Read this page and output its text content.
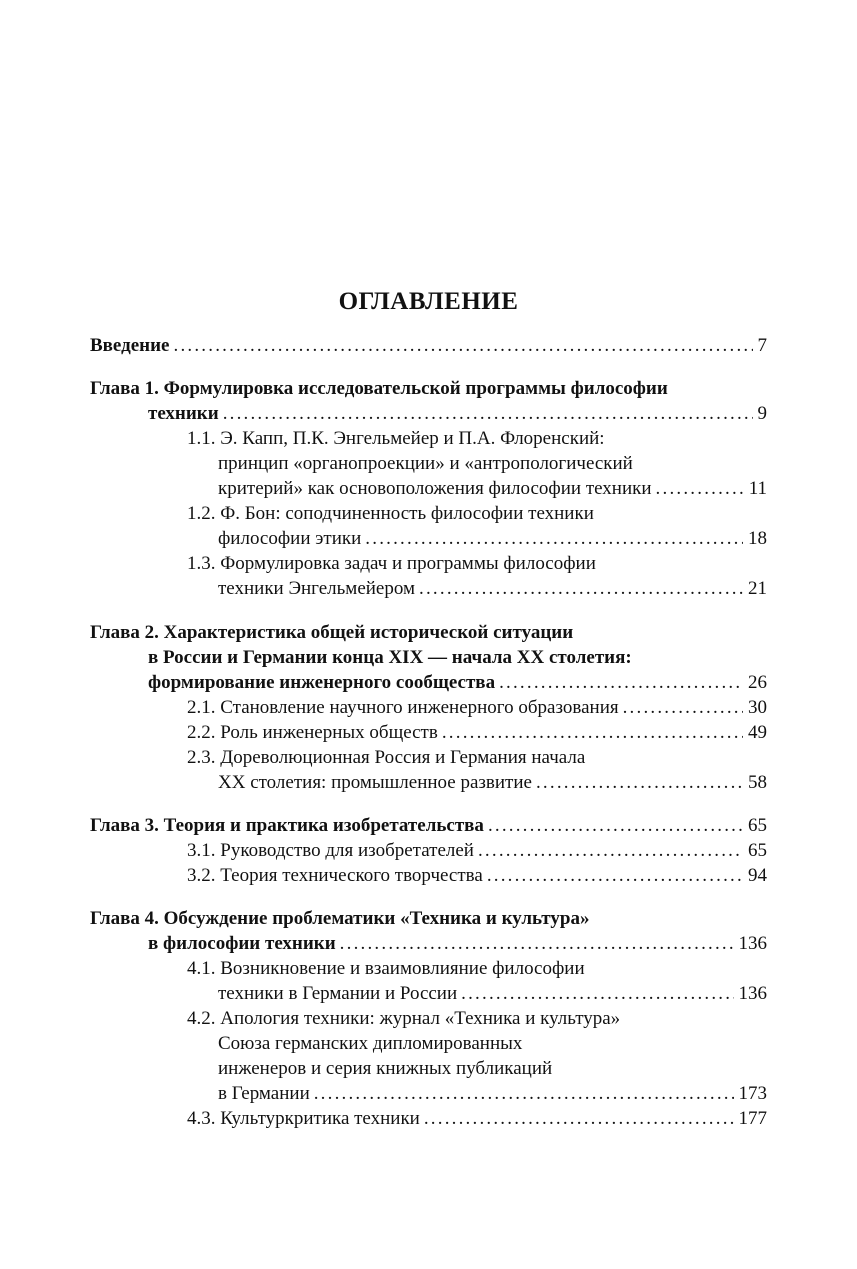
ОГЛАВЛЕНИЕ
Введение .....	7
Глава 1. Формулировка исследовательской программы философии
техники .....	9
1.1. Э. Капп, П.К. Энгельмейер и П.А. Флоренский:
принцип «органопроекции» и «антропологический
критерий» как основоположения философии техники .....	11
1.2. Ф. Бон: соподчиненность философии техники
философии этики .....	18
1.3. Формулировка задач и программы философии
техники Энгельмейером .....	21
Глава 2. Характеристика общей исторической ситуации
в России и Германии конца XIX — начала XX столетия:
формирование инженерного сообщества .....	26
2.1. Становление научного инженерного образования .....	30
2.2. Роль инженерных обществ .....	49
2.3. Дореволюционная Россия и Германия начала
XX столетия: промышленное развитие .....	58
Глава 3. Теория и практика изобретательства .....	65
3.1. Руководство для изобретателей .....	65
3.2. Теория технического творчества .....	94
Глава 4. Обсуждение проблематики «Техника и культура»
в философии техники .....	136
4.1. Возникновение и взаимовлияние философии
техники в Германии и России .....	136
4.2. Апология техники: журнал «Техника и культура»
Союза германских дипломированных
инженеров и серия книжных публикаций
в Германии .....	173
4.3. Культуркритика техники .....	177
